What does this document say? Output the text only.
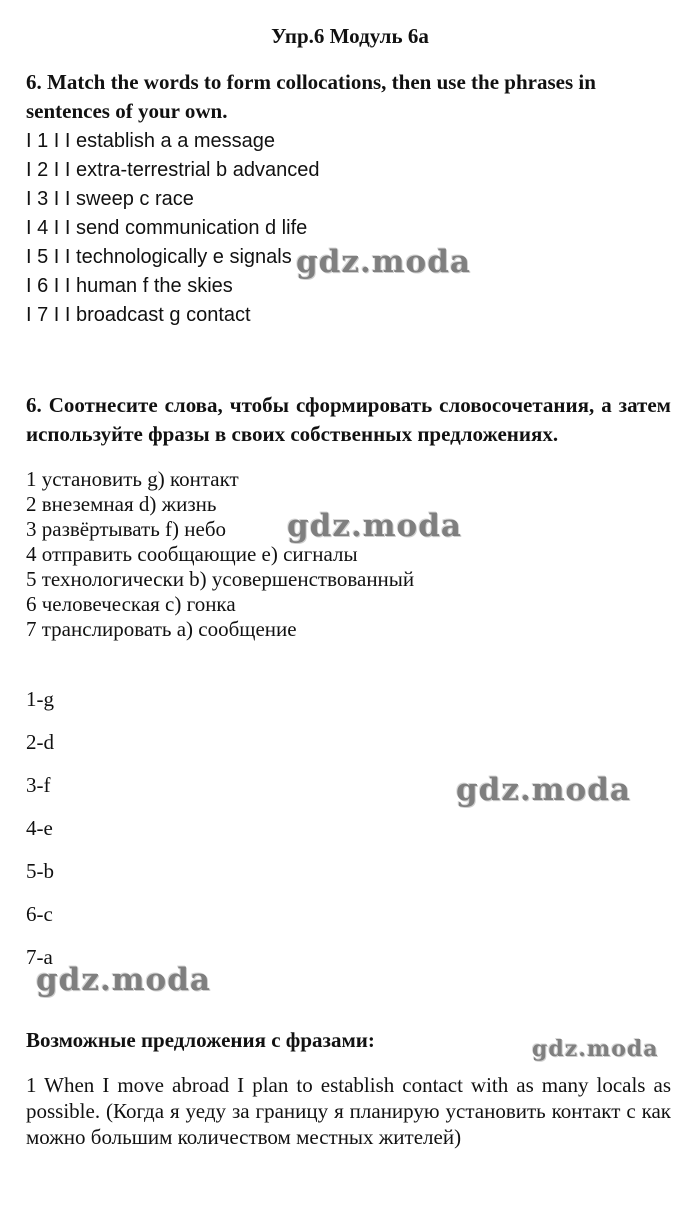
Упр.6 Модуль 6а
6. Match the words to form collocations, then use the phrases in
sentences of your own.
I 1 I I establish a a message
I 2 I I extra-terrestrial b advanced
I 3 I I sweep c race
I 4 I I send communication d life
I 5 I I technologically e signals
I 6 I I human f the skies
I 7 I I broadcast g contact
6. Соотнесите слова, чтобы сформировать словосочетания, а затем используйте фразы в своих собственных предложениях.
1 установить g) контакт
2 внеземная d) жизнь
3 развёртывать f) небо
4 отправить сообщающие e) сигналы
5 технологически b) усовершенствованный
6 человеческая c) гонка
7 транслировать a) сообщение
1-g
2-d
3-f
4-e
5-b
6-c
7-a
Возможные предложения с фразами:
1 When I move abroad I plan to establish contact with as many locals as possible. (Когда я уеду за границу я планирую установить контакт с как можно большим количеством местных жителей)
gdz.moda
gdz.moda
gdz.moda
gdz.moda
gdz.moda
